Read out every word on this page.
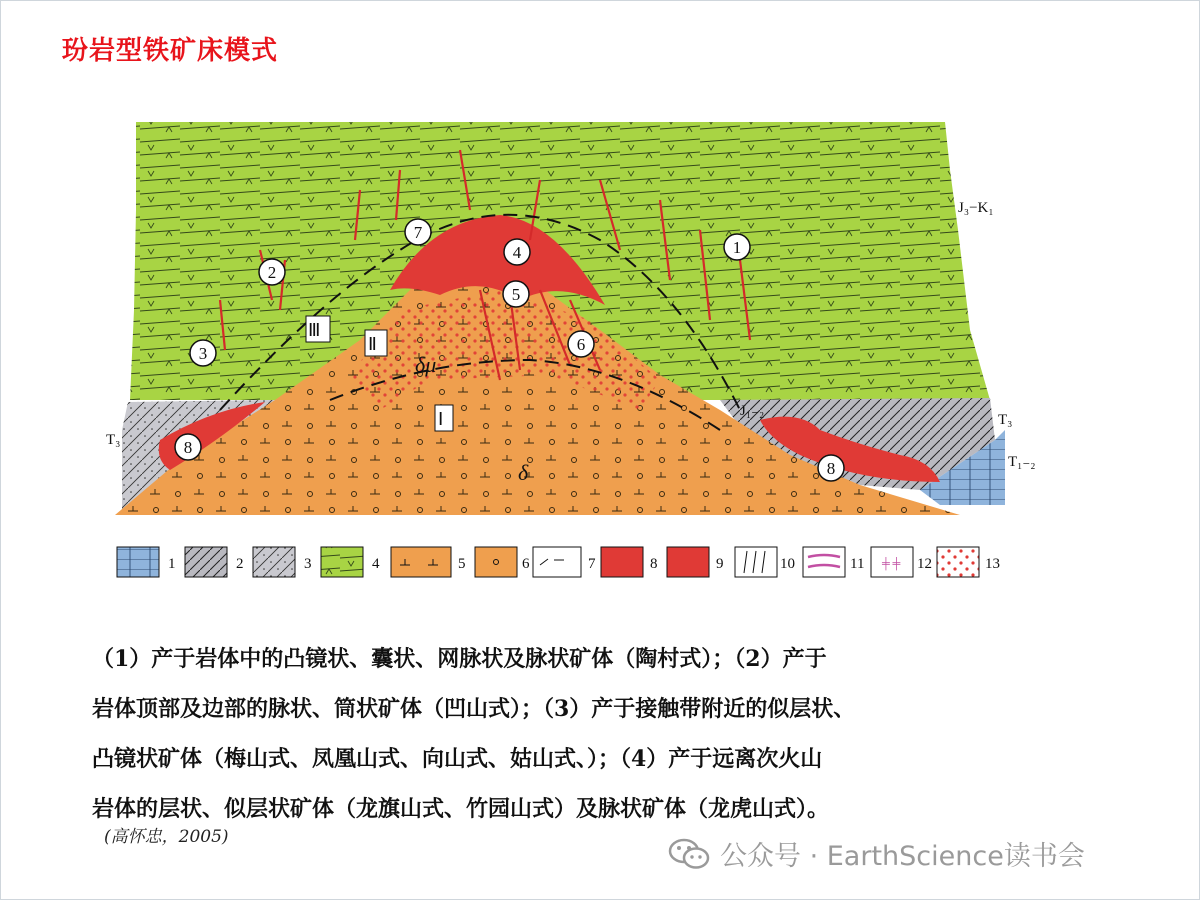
玢岩型铁矿床模式
J₃−K₁
J₁₋₂
T₃
T₃
T₁₋₂
δμ
δ
Ⅰ
Ⅱ
Ⅲ
1
2
3
4
5
6
7
8
8
1	2	3	4	5	6	7	8	9	10	11 ╪ ╪ 12	13

（1）产于岩体中的凸镜状、囊状、网脉状及脉状矿体（陶村式）；（2）产于

岩体顶部及边部的脉状、筒状矿体（凹山式）；（3）产于接触带附近的似层状、

凸镜状矿体（梅山式、凤凰山式、向山式、姑山式、）；（4）产于远离次火山

岩体的层状、似层状矿体（龙旗山式、竹园山式）及脉状矿体（龙虎山式）。

(高怀忠，2005)
公众号 · EarthScience读书会
